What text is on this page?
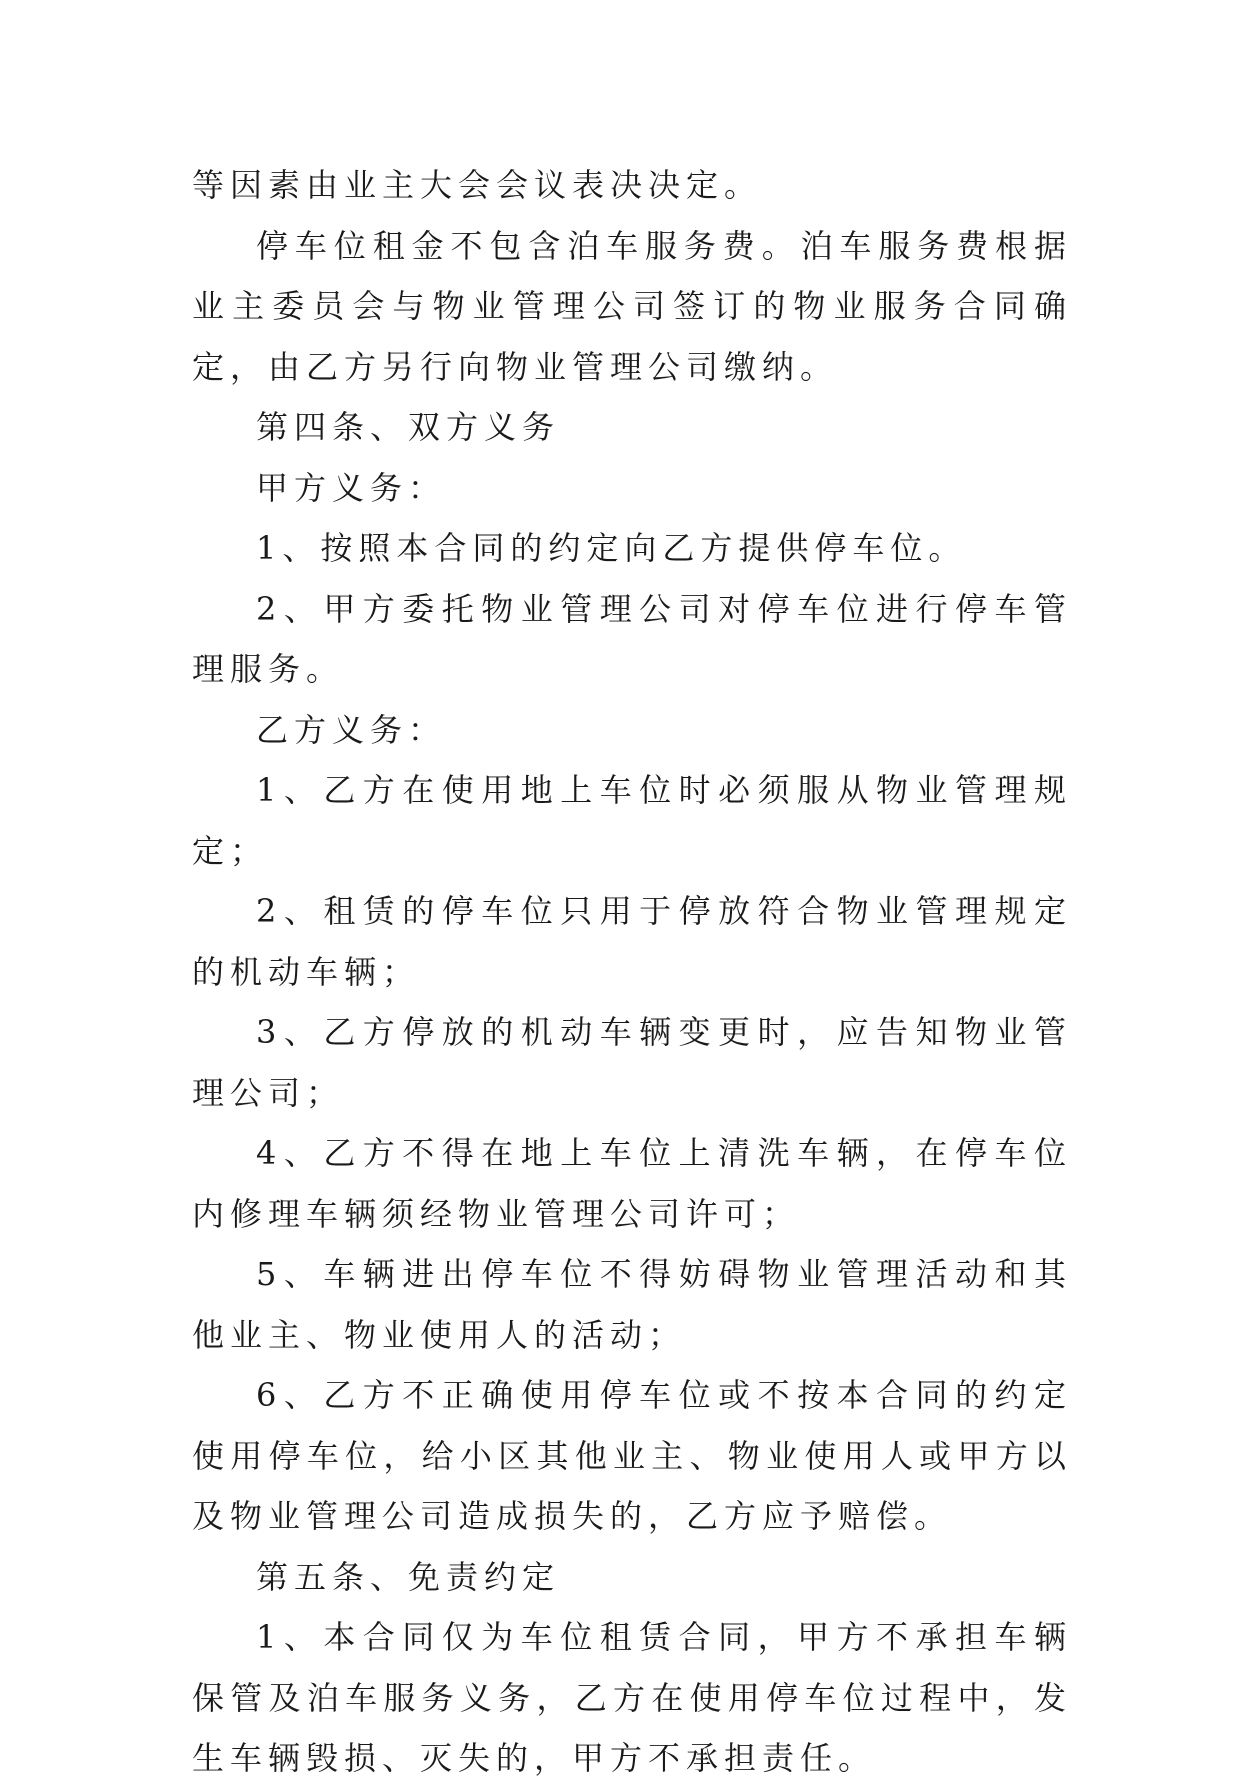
等因素由业主大会会议表决决定。

停车位租金不包含泊车服务费。泊车服务费根据业主委员会与物业管理公司签订的物业服务合同确定，由乙方另行向物业管理公司缴纳。

第四条、双方义务

甲方义务：

1、按照本合同的约定向乙方提供停车位。

2、甲方委托物业管理公司对停车位进行停车管理服务。

乙方义务：

1、乙方在使用地上车位时必须服从物业管理规定；

2、租赁的停车位只用于停放符合物业管理规定的机动车辆；

3、乙方停放的机动车辆变更时，应告知物业管理公司；

4、乙方不得在地上车位上清洗车辆，在停车位内修理车辆须经物业管理公司许可；

5、车辆进出停车位不得妨碍物业管理活动和其他业主、物业使用人的活动；

6、乙方不正确使用停车位或不按本合同的约定使用停车位，给小区其他业主、物业使用人或甲方以及物业管理公司造成损失的，乙方应予赔偿。

第五条、免责约定

1、本合同仅为车位租赁合同，甲方不承担车辆保管及泊车服务义务，乙方在使用停车位过程中，发生车辆毁损、灭失的，甲方不承担责任。
